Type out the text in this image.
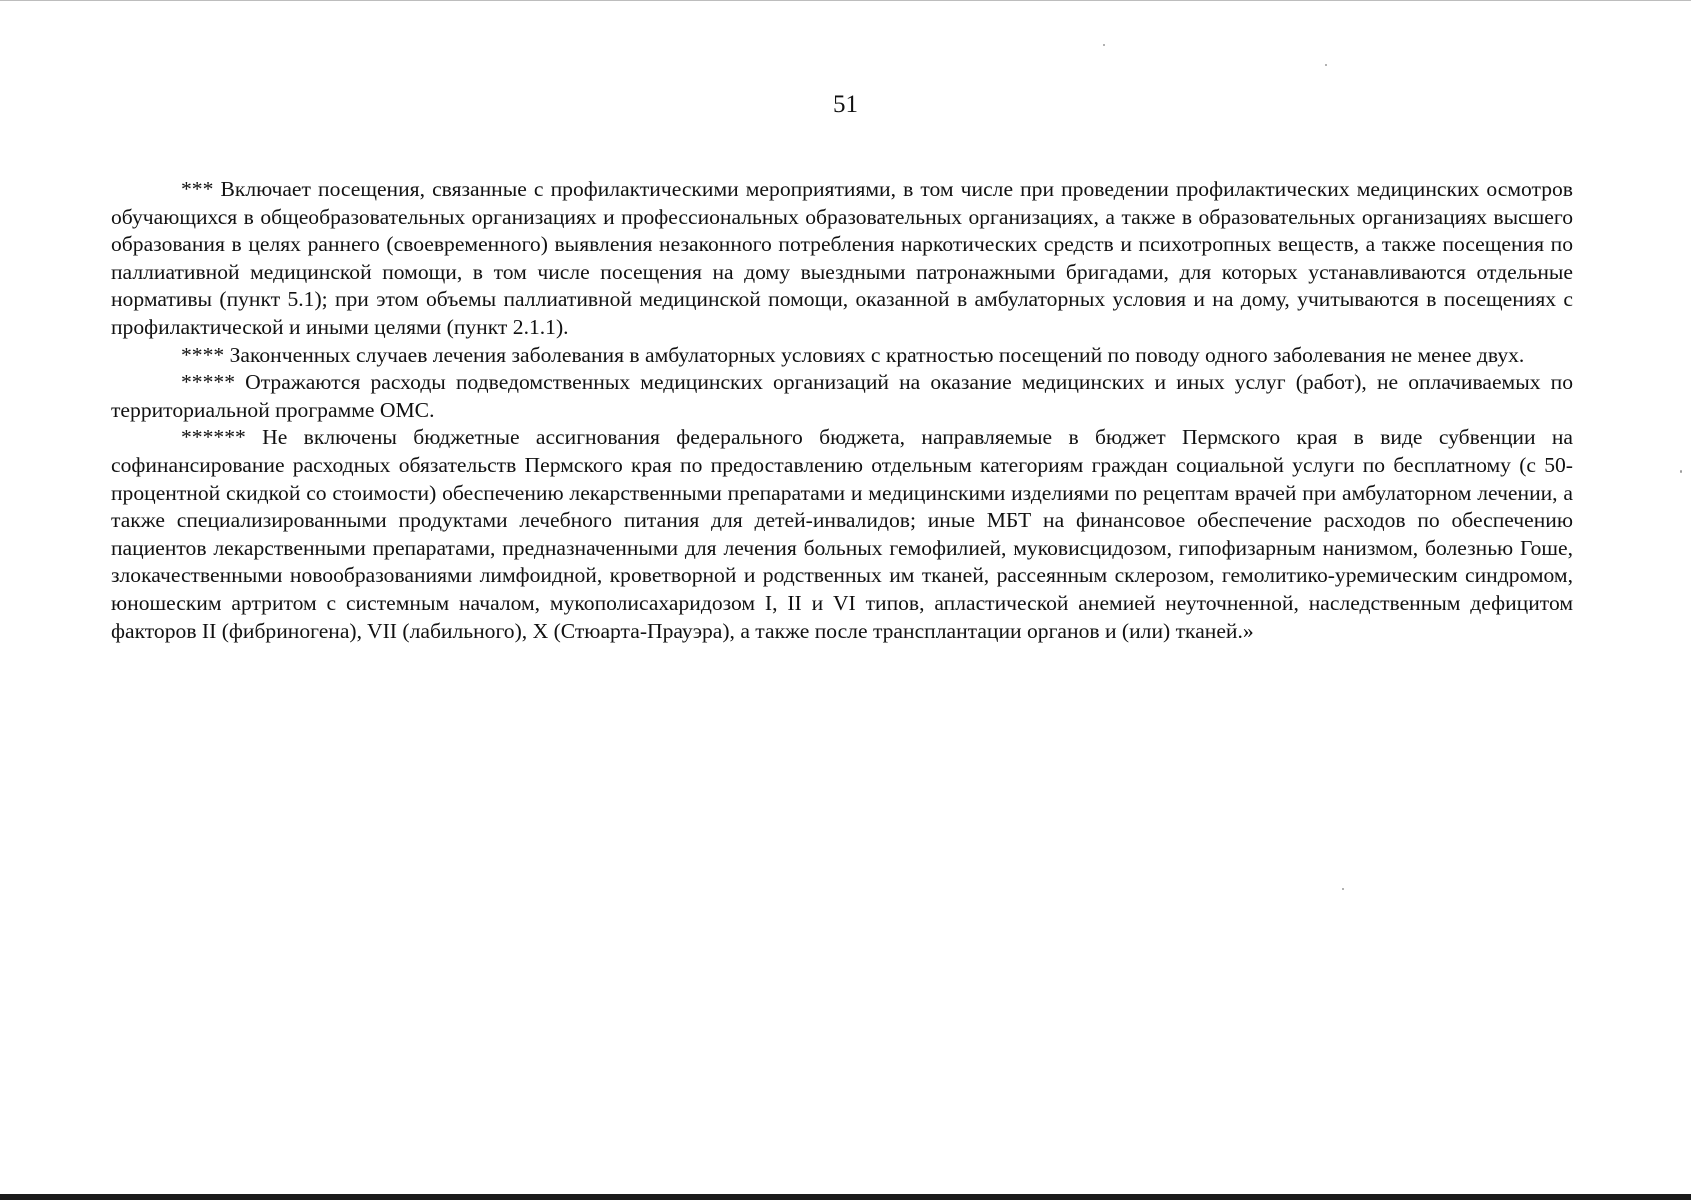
51

*** Включает посещения, связанные с профилактическими мероприятиями, в том числе при проведении профилактических медицинских осмотров обучающихся в общеобразовательных организациях и профессиональных образовательных организациях, а также в образовательных организациях высшего образования в целях раннего (своевременного) выявления незаконного потребления наркотических средств и психотропных веществ, а также посещения по паллиативной медицинской помощи, в том числе посещения на дому выездными патронажными бригадами, для которых устанавливаются отдельные нормативы (пункт 5.1); при этом объемы паллиативной медицинской помощи, оказанной в амбулаторных условия и на дому, учитываются в посещениях с профилактической и иными целями (пункт 2.1.1).

**** Законченных случаев лечения заболевания в амбулаторных условиях с кратностью посещений по поводу одного заболевания не менее двух.

***** Отражаются расходы подведомственных медицинских организаций на оказание медицинских и иных услуг (работ), не оплачиваемых по территориальной программе ОМС.

****** Не включены бюджетные ассигнования федерального бюджета, направляемые в бюджет Пермского края в виде субвенции на софинансирование расходных обязательств Пермского края по предоставлению отдельным категориям граждан социальной услуги по бесплатному (с 50-процентной скидкой со стоимости) обеспечению лекарственными препаратами и медицинскими изделиями по рецептам врачей при амбулаторном лечении, а также специализированными продуктами лечебного питания для детей-инвалидов; иные МБТ на финансовое обеспечение расходов по обеспечению пациентов лекарственными препаратами, предназначенными для лечения больных гемофилией, муковисцидозом, гипофизарным нанизмом, болезнью Гоше, злокачественными новообразованиями лимфоидной, кроветворной и родственных им тканей, рассеянным склерозом, гемолитико-уремическим синдромом, юношеским артритом с системным началом, мукополисахаридозом I, II и VI типов, апластической анемией неуточненной, наследственным дефицитом факторов II (фибриногена), VII (лабильного), X (Стюарта-Прауэра), а также после трансплантации органов и (или) тканей.»
